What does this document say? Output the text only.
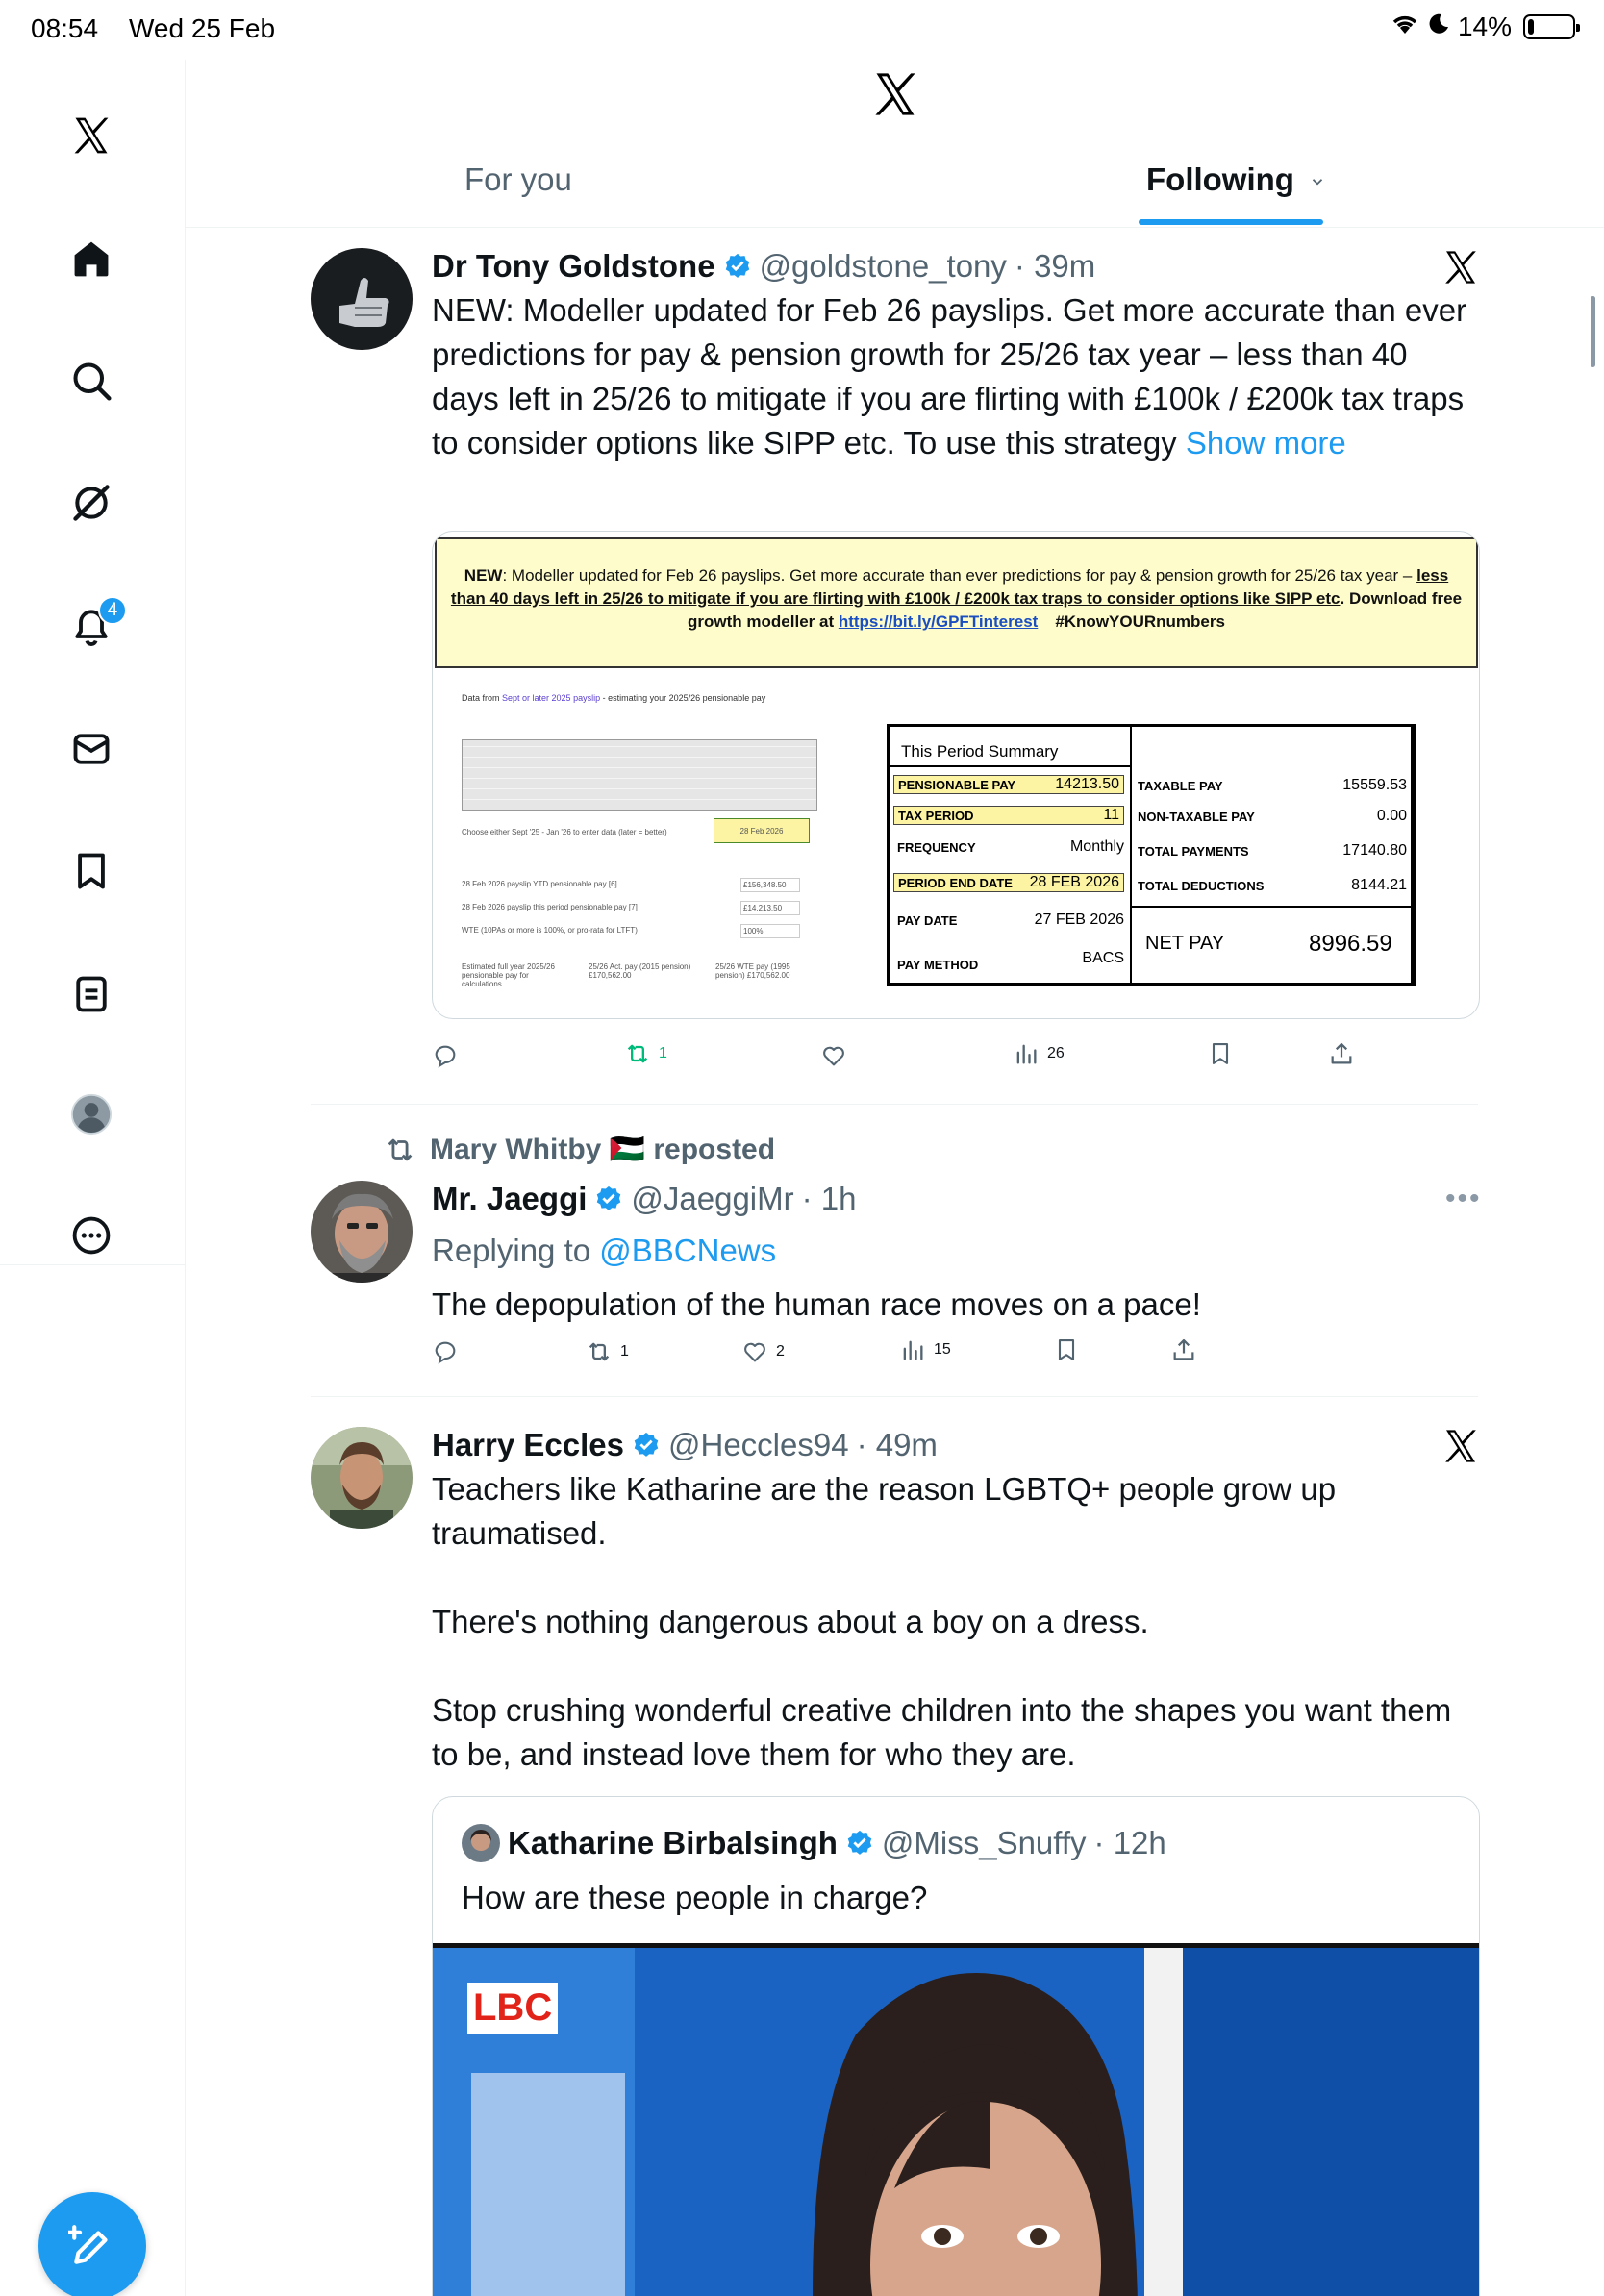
08:54 Wed 25 Feb	14%
4
For you	Following
Dr Tony Goldstone @goldstone_tony · 39m
NEW: Modeller updated for Feb 26 payslips. Get more accurate than ever predictions for pay & pension growth for 25/26 tax year – less than 40 days left in 25/26 to mitigate if you are flirting with £100k / £200k tax traps to consider options like SIPP etc. To use this strategy Show more
NEW: Modeller updated for Feb 26 payslips. Get more accurate than ever predictions for pay & pension growth for 25/26 tax year – less than 40 days left in 25/26 to mitigate if you are flirting with £100k / £200k tax traps to consider options like SIPP etc. Download free growth modeller at https://bit.ly/GPFTinterest #KnowYOURnumbers
Data from Sept or later 2025 payslip - estimating your 2025/26 pensionable pay
Choose either Sept '25 - Jan '26 to enter data (later = better)	28 Feb 2026
28 Feb 2026 payslip YTD pensionable pay [6]	£156,348.50
28 Feb 2026 payslip this period pensionable pay [7]	£14,213.50
WTE (10PAs or more is 100%, or pro-rata for LTFT)	100%
Estimated full year 2025/26 pensionable pay for calculations
25/26 Act. pay (2015 pension) £170,562.00
25/26 WTE pay (1995 pension) £170,562.00
This Period Summary
PENSIONABLE PAY	14213.50
TAX PERIOD	11
FREQUENCY	Monthly
PERIOD END DATE 28 FEB 2026
PAY DATE	27 FEB 2026
PAY METHOD	BACS
TAXABLE PAY	15559.53
NON-TAXABLE PAY	0.00
TOTAL PAYMENTS	17140.80
TOTAL DEDUCTIONS	8144.21
NET PAY	8996.59
1	26
Mary Whitby 🇵🇸 reposted
Mr. Jaeggi @JaeggiMr · 1h	•••
Replying to @BBCNews
The depopulation of the human race moves on a pace!
1	2	15
Harry Eccles @Heccles94 · 49m
Teachers like Katharine are the reason LGBTQ+ people grow up traumatised.

There's nothing dangerous about a boy on a dress.

Stop crushing wonderful creative children into the shapes you want them to be, and instead love them for who they are.
Katharine Birbalsingh @Miss_Snuffy · 12h
How are these people in charge?
LBC
